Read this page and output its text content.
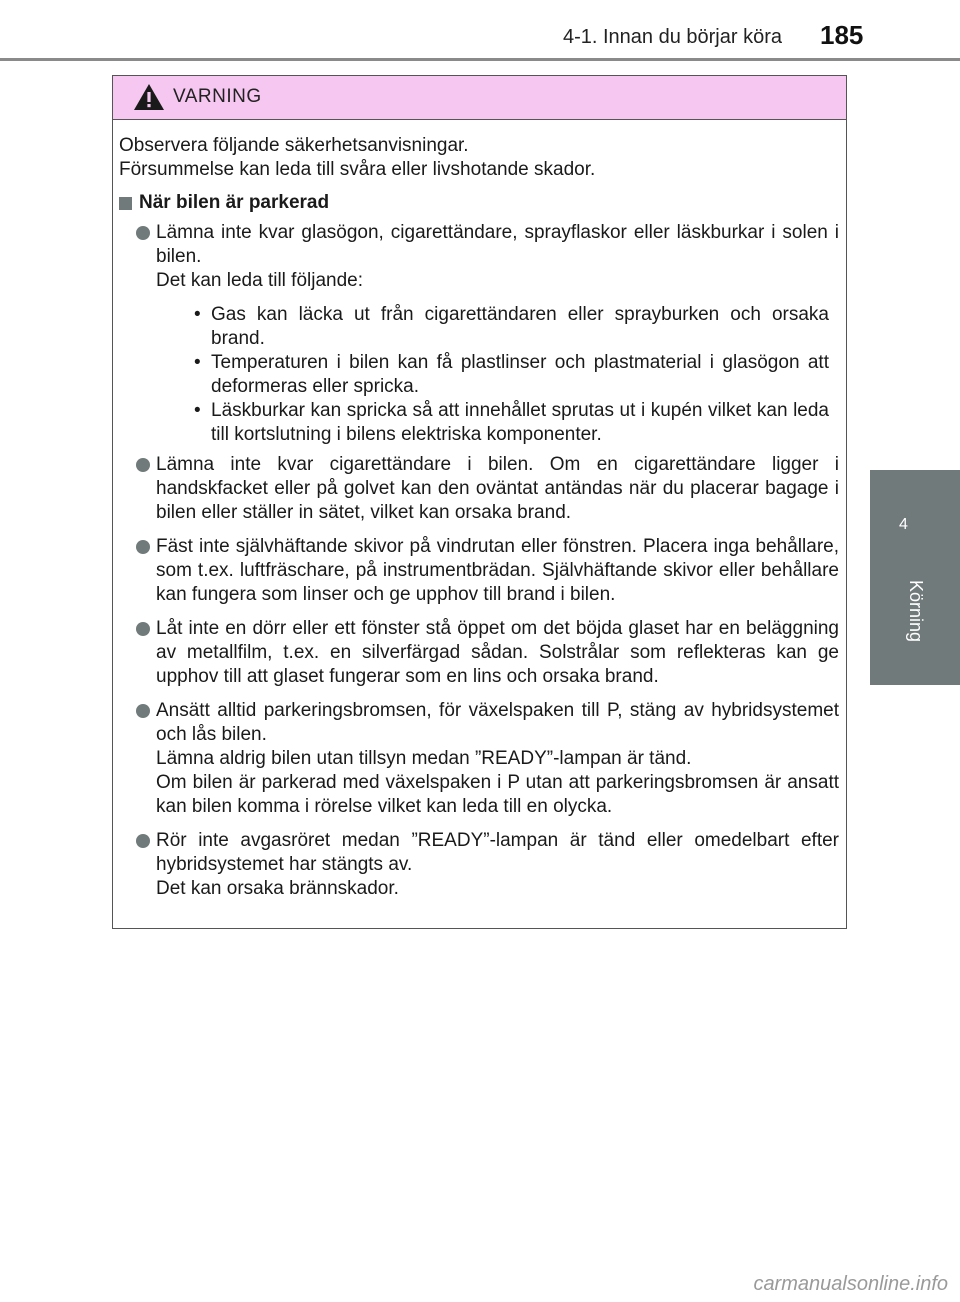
4-1. Innan du börjar köra 185
4
Körning
VARNING

Observera följande säkerhetsanvisningar.

Försummelse kan leda till svåra eller livshotande skador.

När bilen är parkerad

Lämna inte kvar glasögon, cigarettändare, sprayflaskor eller läskburkar i solen i bilen.

Det kan leda till följande:

• Gas kan läcka ut från cigarettändaren eller sprayburken och orsaka brand.

• Temperaturen i bilen kan få plastlinser och plastmaterial i glasögon att deformeras eller spricka.

• Läskburkar kan spricka så att innehållet sprutas ut i kupén vilket kan leda till kortslutning i bilens elektriska komponenter.

Lämna inte kvar cigarettändare i bilen. Om en cigarettändare ligger i handskfacket eller på golvet kan den oväntat antändas när du placerar bagage i bilen eller ställer in sätet, vilket kan orsaka brand.

Fäst inte självhäftande skivor på vindrutan eller fönstren. Placera inga behållare, som t.ex. luftfräschare, på instrumentbrädan. Självhäftande skivor eller behållare kan fungera som linser och ge upphov till brand i bilen.

Låt inte en dörr eller ett fönster stå öppet om det böjda glaset har en beläggning av metallfilm, t.ex. en silverfärgad sådan. Solstrålar som reflekteras kan ge upphov till att glaset fungerar som en lins och orsaka brand.

Ansätt alltid parkeringsbromsen, för växelspaken till P, stäng av hybridsystemet och lås bilen.

Lämna aldrig bilen utan tillsyn medan ”READY”-lampan är tänd.

Om bilen är parkerad med växelspaken i P utan att parkeringsbromsen är ansatt kan bilen komma i rörelse vilket kan leda till en olycka.

Rör inte avgasröret medan ”READY”-lampan är tänd eller omedelbart efter hybridsystemet har stängts av.

Det kan orsaka brännskador.

carmanualsonline.info
